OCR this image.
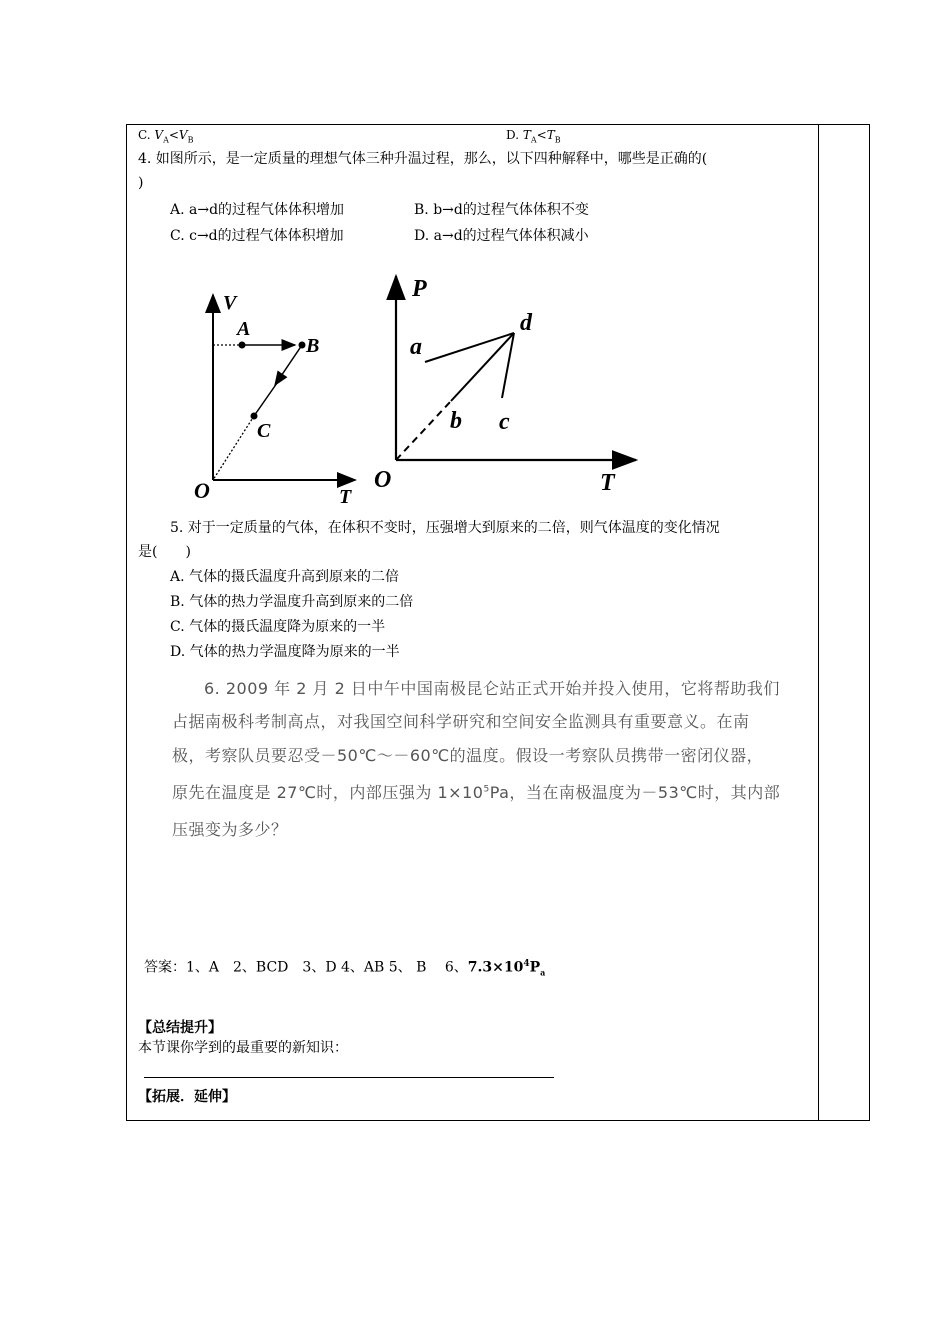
C. $V_A<V_B$	D. $T_A<T_B$
4. 如图所示，是一定质量的理想气体三种升温过程，那么，以下四种解释中，哪些是正确的(
)
A. a→d的过程气体体积增加	B. b→d的过程气体体积不变
C. c→d的过程气体体积增加	D. a→d的过程气体体积减小
V
A
B
C
O	T
P
a
d
b c
O	T
5. 对于一定质量的气体，在体积不变时，压强增大到原来的二倍，则气体温度的变化情况
是(　　)
A. 气体的摄氏温度升高到原来的二倍
B. 气体的热力学温度升高到原来的二倍
C. 气体的摄氏温度降为原来的一半
D. 气体的热力学温度降为原来的一半
6. 2009 年 2 月 2 日中午中国南极昆仑站正式开始并投入使用，它将帮助我们
占据南极科考制高点，对我国空间科学研究和空间安全监测具有重要意义。在南
极，考察队员要忍受－50℃～－60℃的温度。假设一考察队员携带一密闭仪器，
原先在温度是 27℃时，内部压强为 $1\times 10^5Pa$，当在南极温度为－53℃时，其内部
压强变为多少？
答案：1、A　2、BCD　3、D 4、AB 5、 B　 6、$7.3\times 10^4P_a$
【总结提升】
本节课你学到的最重要的新知识：
【拓展．延伸】
